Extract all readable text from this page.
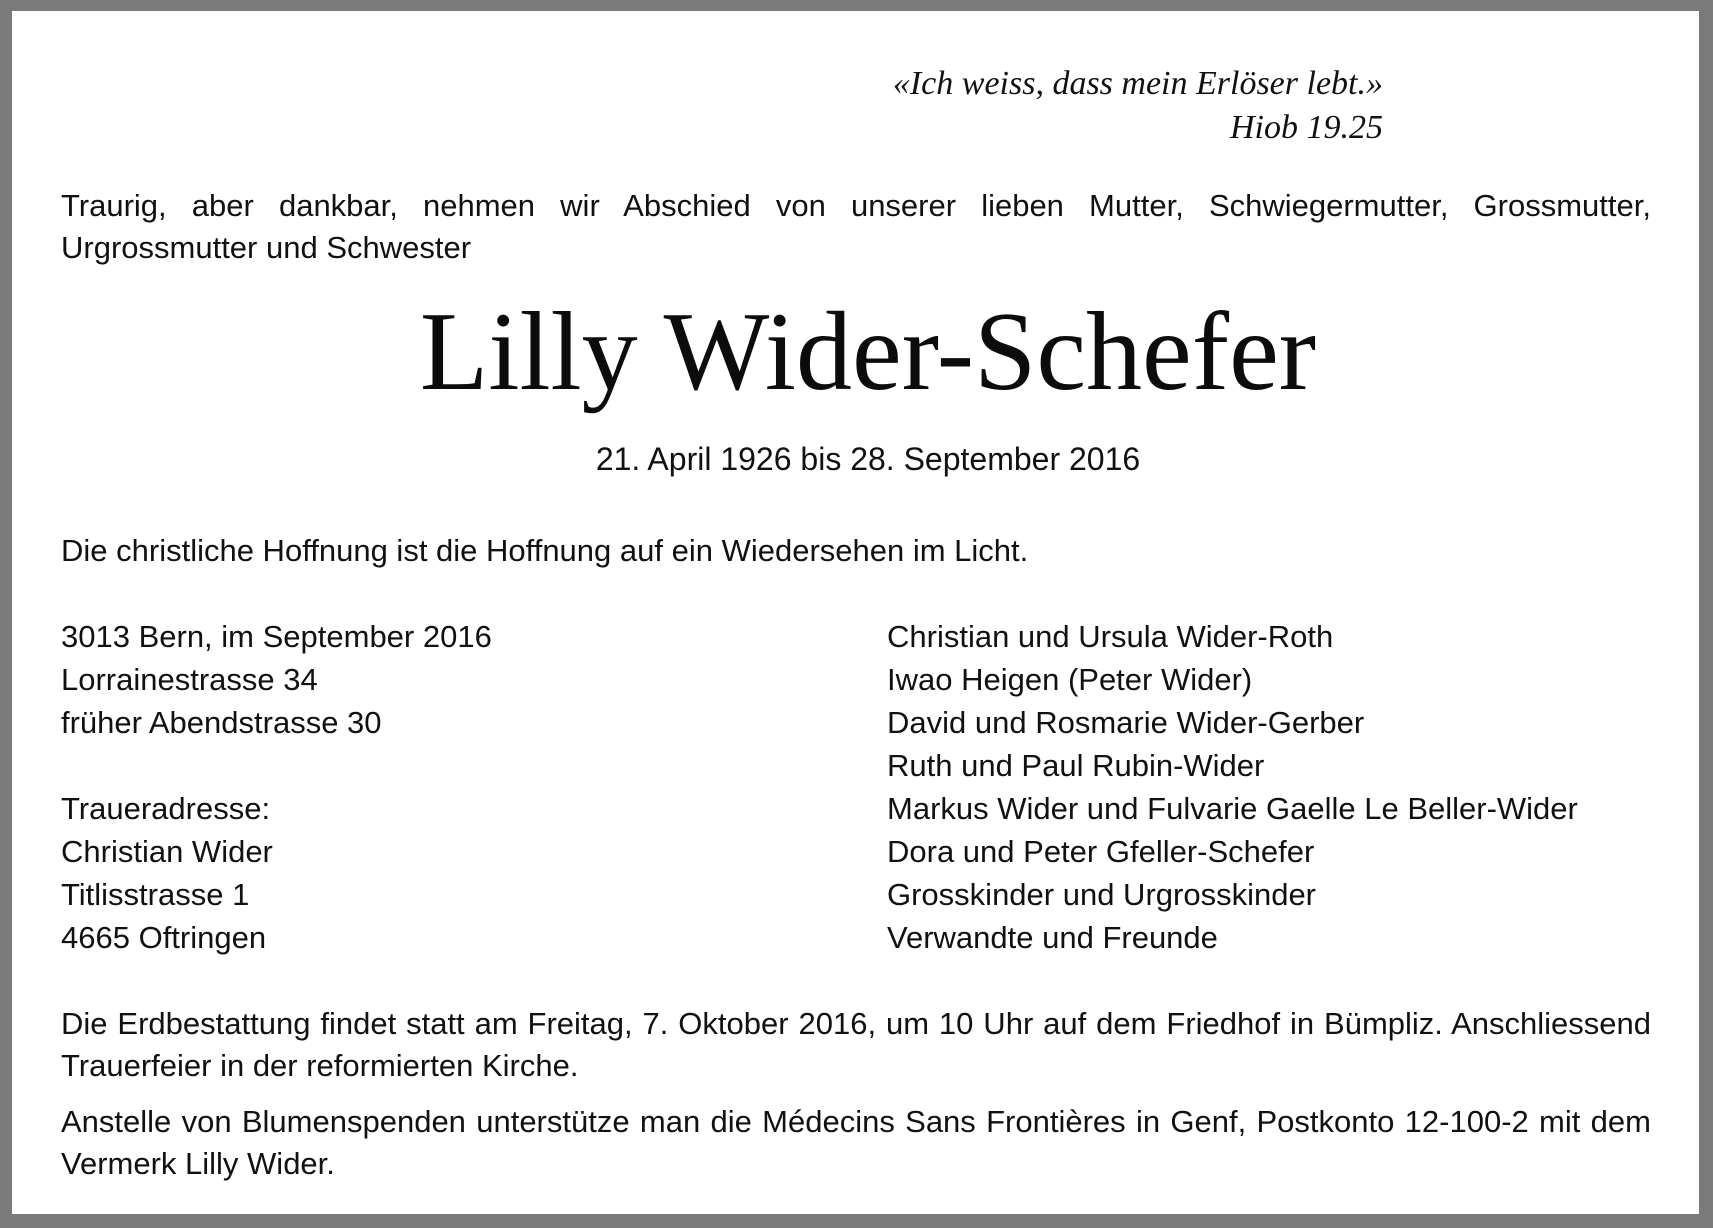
«Ich weiss, dass mein Erlöser lebt.»
Hiob 19.25
Traurig, aber dankbar, nehmen wir Abschied von unserer lieben Mutter, Schwiegermutter, Grossmutter, Urgrossmutter und Schwester
Lilly Wider-Schefer
21. April 1926 bis 28. September 2016
Die christliche Hoffnung ist die Hoffnung auf ein Wiedersehen im Licht.
3013 Bern, im September 2016
Lorrainestrasse 34
früher Abendstrasse 30
Traueradresse:
Christian Wider
Titlisstrasse 1
4665 Oftringen
Christian und Ursula Wider-Roth
Iwao Heigen (Peter Wider)
David und Rosmarie Wider-Gerber
Ruth und Paul Rubin-Wider
Markus Wider und Fulvarie Gaelle Le Beller-Wider
Dora und Peter Gfeller-Schefer
Grosskinder und Urgrosskinder
Verwandte und Freunde
Die Erdbestattung findet statt am Freitag, 7. Oktober 2016, um 10 Uhr auf dem Friedhof in Bümpliz. Anschliessend Trauerfeier in der reformierten Kirche.
Anstelle von Blumenspenden unterstütze man die Médecins Sans Frontières in Genf, Postkonto 12-100-2 mit dem Vermerk Lilly Wider.
